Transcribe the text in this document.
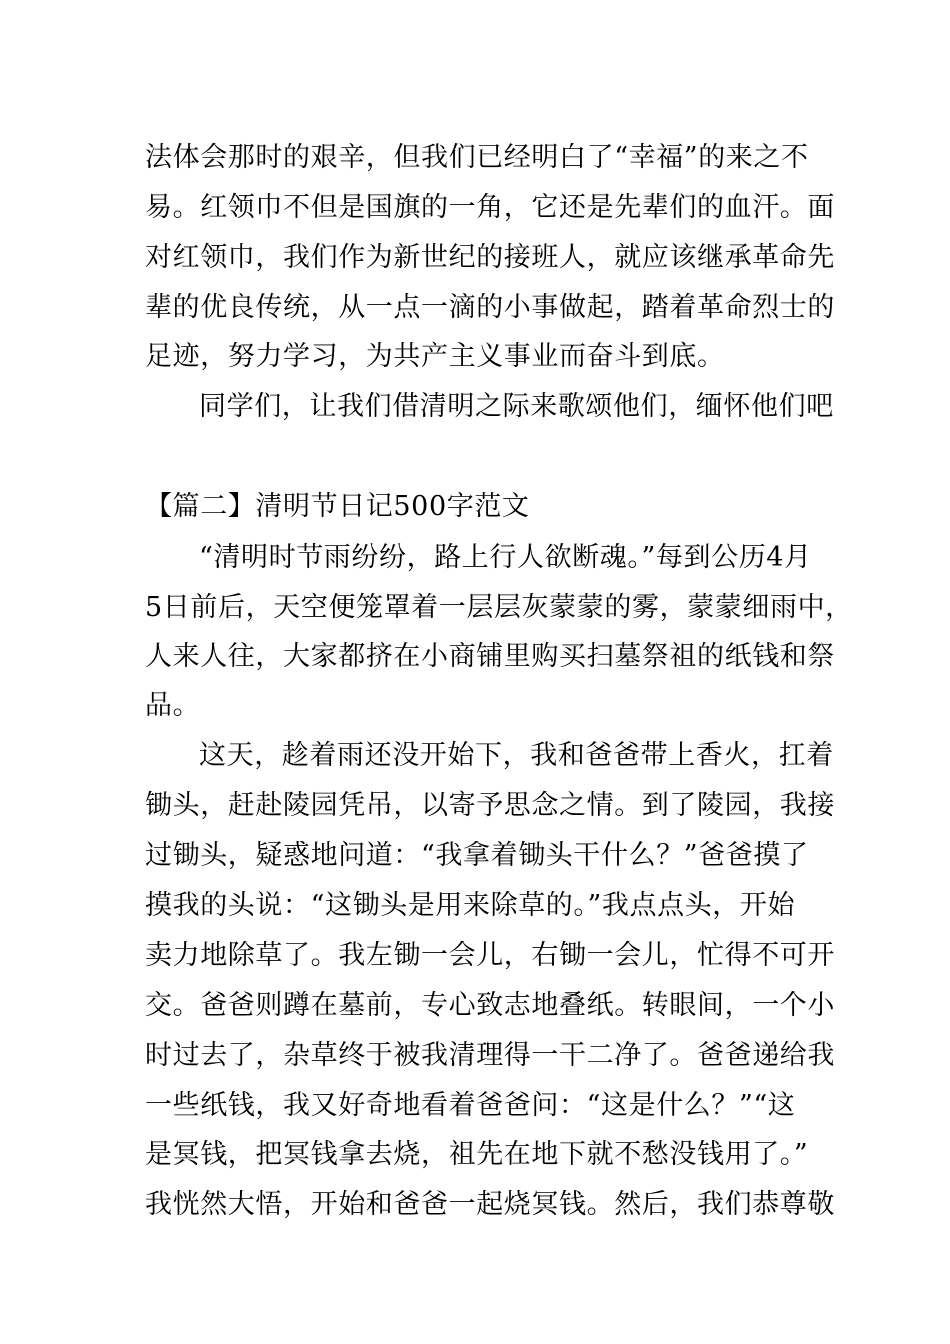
法体会那时的艰辛，但我们已经明白了“幸福”的来之不
易。红领巾不但是国旗的一角，它还是先辈们的血汗。面
对红领巾，我们作为新世纪的接班人，就应该继承革命先
辈的优良传统，从一点一滴的小事做起，踏着革命烈士的
足迹，努力学习，为共产主义事业而奋斗到底。
同学们，让我们借清明之际来歌颂他们，缅怀他们吧
【篇二】清明节日记500字范文
“清明时节雨纷纷，路上行人欲断魂。”每到公历4月
5日前后，天空便笼罩着一层层灰蒙蒙的雾，蒙蒙细雨中，
人来人往，大家都挤在小商铺里购买扫墓祭祖的纸钱和祭
品。
这天，趁着雨还没开始下，我和爸爸带上香火，扛着
锄头，赶赴陵园凭吊，以寄予思念之情。到了陵园，我接
过锄头，疑惑地问道：“我拿着锄头干什么？”爸爸摸了
摸我的头说：“这锄头是用来除草的。”我点点头，开始
卖力地除草了。我左锄一会儿，右锄一会儿，忙得不可开
交。爸爸则蹲在墓前，专心致志地叠纸。转眼间，一个小
时过去了，杂草终于被我清理得一干二净了。爸爸递给我
一些纸钱，我又好奇地看着爸爸问：“这是什么？”“这
是冥钱，把冥钱拿去烧，祖先在地下就不愁没钱用了。”
我恍然大悟，开始和爸爸一起烧冥钱。然后，我们恭尊敬
